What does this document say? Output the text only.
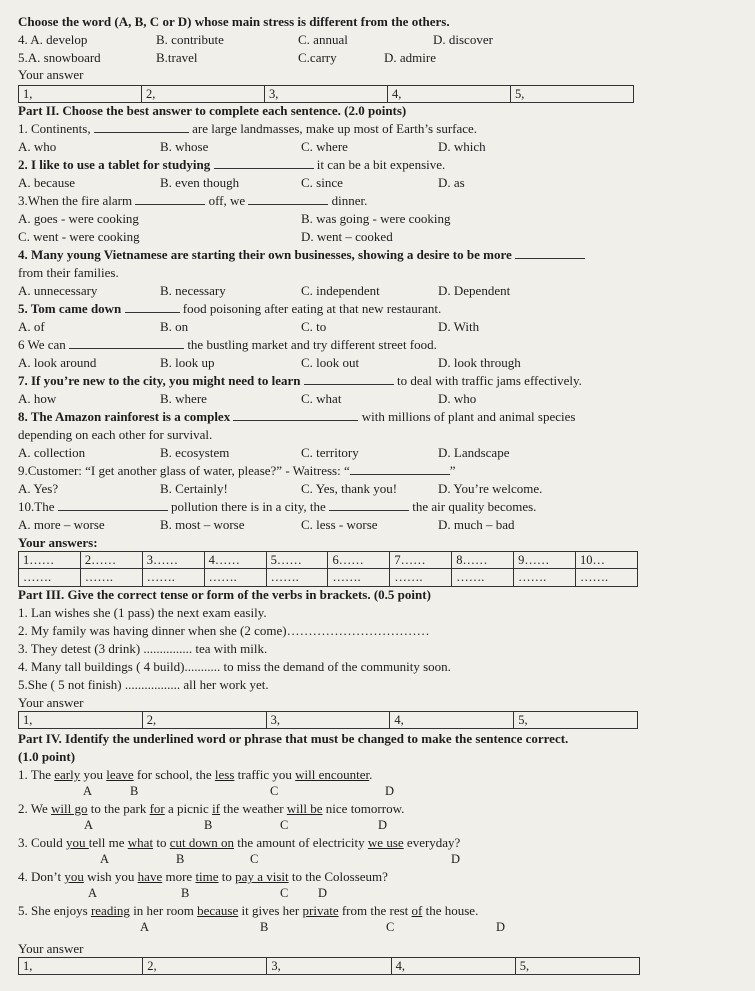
Choose the word (A, B, C or D) whose main stress is different from the others.
4. A. develop	B. contribute	C. annual	D. discover
5.A. snowboard	B.travel	C.carry	D. admire
Your answer
1,	2,	3,	4,	5,
Part II. Choose the best answer to complete each sentence. (2.0 points)
1. Continents,	are large landmasses, make up most of Earth’s surface.
A. who	B. whose	C. where	D. which
2. I like to use a tablet for studying	it can be a bit expensive.
A. because	B. even though	C. since	D. as
3.When the fire alarm	off, we	dinner.
A. goes - were cooking	B. was going - were cooking
C. went - were cooking	D. went – cooked
4. Many young Vietnamese are starting their own businesses, showing a desire to be more
from their families.
A. unnecessary	B. necessary	C. independent	D. Dependent
5. Tom came down	food poisoning after eating at that new restaurant.
A. of	B. on	C. to	D. With
6 We can	the bustling market and try different street food.
A. look around	B. look up	C. look out	D. look through
7. If you’re new to the city, you might need to learn	to deal with traffic jams effectively.
A. how	B. where	C. what	D. who
8. The Amazon rainforest is a complex	with millions of plant and animal species
depending on each other for survival.
A. collection	B. ecosystem	C. territory	D. Landscape
9.Customer: “I get another glass of water, please?” - Waitress: “	”
A. Yes?	B. Certainly!	C. Yes, thank you!	D. You’re welcome.
10.The	pollution there is in a city, the	the air quality becomes.
A. more – worse	B. most – worse	C. less - worse	D. much – bad
Your answers:
1……	2……	3……	4……	5……	6……	7……	8……	9……	10…
…….	…….	…….	…….	…….	…….	…….	…….	…….	…….
Part III. Give the correct tense or form of the verbs in brackets. (0.5 point)
1. Lan wishes she (1 pass) the next exam easily.
2. My family was having dinner when she (2 come)……………………………
3. They detest (3 drink) ............... tea with milk.
4. Many tall buildings ( 4 build)........... to miss the demand of the community soon.
5.She ( 5 not finish) ................. all her work yet.
Your answer
1,	2,	3,	4,	5,
Part IV. Identify the underlined word or phrase that must be changed to make the sentence correct.
(1.0 point)
1. The early you leave for school, the less traffic you will encounter.
A	B	C	D
2. We will go to the park for a picnic if the weather will be nice tomorrow.
A	B	C	D
3. Could you tell me what to cut down on the amount of electricity we use everyday?
A	B	C	D
4. Don’t you wish you have more time to pay a visit to the Colosseum?
A	B	C D
5. She enjoys reading in her room because it gives her private from the rest of the house.
A	B	C	D
Your answer
1,	2,	3,	4,	5,
